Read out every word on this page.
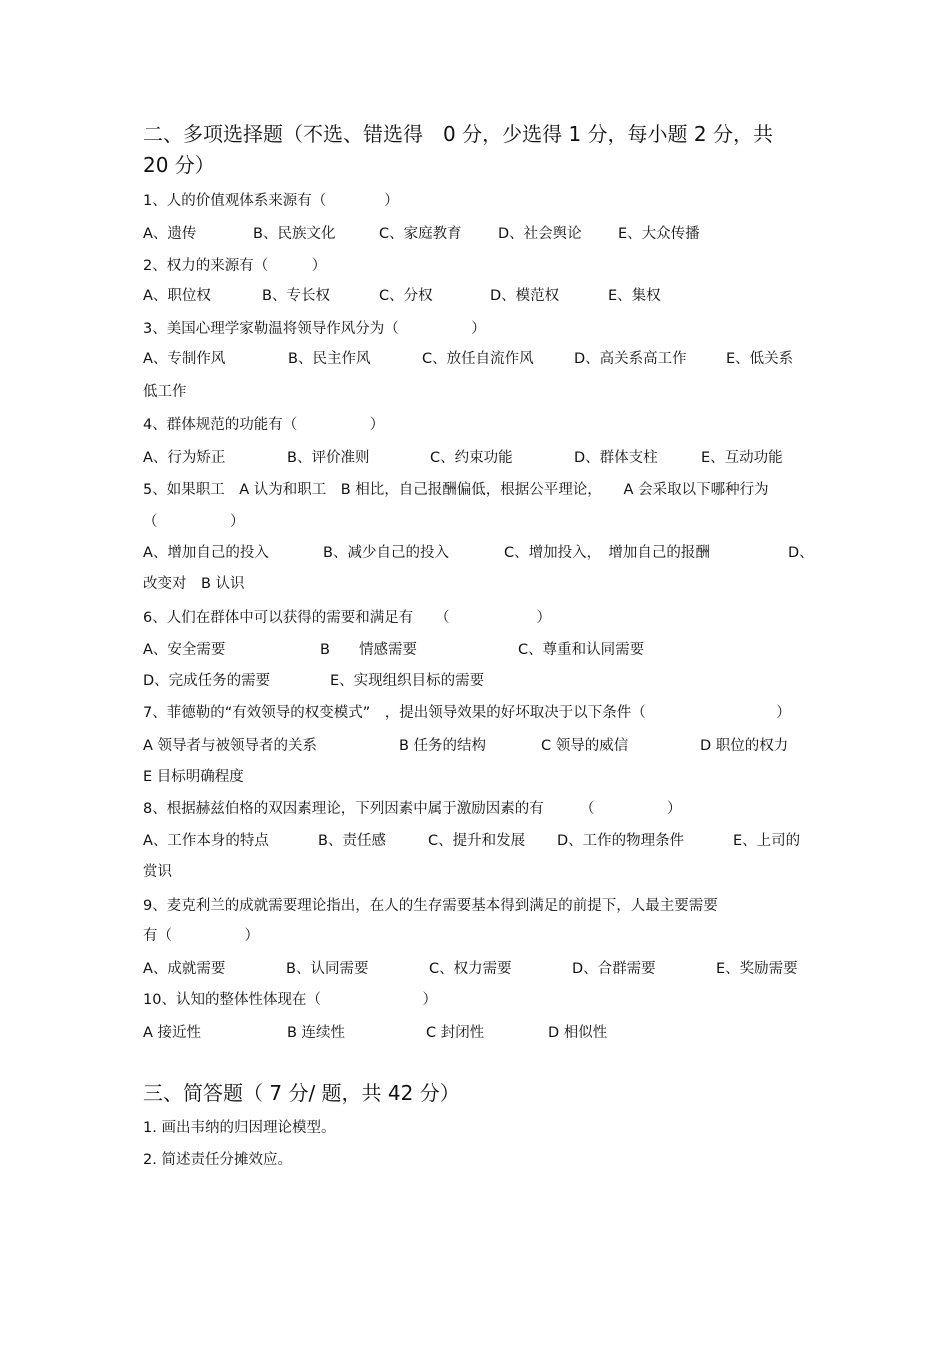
二、多项选择题（不选、错选得　0 分，少选得 1 分，每小题 2 分，共
20 分）
1、人的价值观体系来源有（　　　　）
A、遗传	B、民族文化	C、家庭教育	D、社会舆论	E、大众传播
2、权力的来源有（　　　）
A、职位权	B、专长权	C、分权	D、模范权	E、集权
3、美国心理学家勒温将领导作风分为（　　　　　）
A、专制作风	B、民主作风	C、放任自流作风	D、高关系高工作	E、低关系
低工作
4、群体规范的功能有（　　　　　）
A、行为矫正	B、评价准则	C、约束功能	D、群体支柱	E、互动功能
5、如果职工　A 认为和职工　B 相比，自己报酬偏低，根据公平理论，　　A 会采取以下哪种行为
（　　　　　）
A、增加自己的投入	B、减少自己的投入	C、增加投入，　增加自己的报酬	D、
改变对　B 认识
6、人们在群体中可以获得的需要和满足有　　（　　　　　　）
A、安全需要	B　　情感需要	C、尊重和认同需要
D、完成任务的需要	E、实现组织目标的需要
7、菲德勒的“有效领导的权变模式”　，提出领导效果的好坏取决于以下条件（　　　　　　　　　）
A 领导者与被领导者的关系	B 任务的结构	C 领导的威信	D 职位的权力
E 目标明确程度
8、根据赫兹伯格的双因素理论，下列因素中属于激励因素的有　　　（　　　　　）
A、工作本身的特点	B、责任感	C、提升和发展 D、工作的物理条件	E、上司的
赏识
9、麦克利兰的成就需要理论指出，在人的生存需要基本得到满足的前提下，人最主要需要
有（　　　　　）
A、成就需要	B、认同需要	C、权力需要	D、合群需要	E、奖励需要
10、认知的整体性体现在（　　　　　　　）
A 接近性	B 连续性	C 封闭性	D 相似性
三、简答题（ 7 分/ 题，共 42 分）
1. 画出韦纳的归因理论模型。
2. 简述责任分摊效应。
